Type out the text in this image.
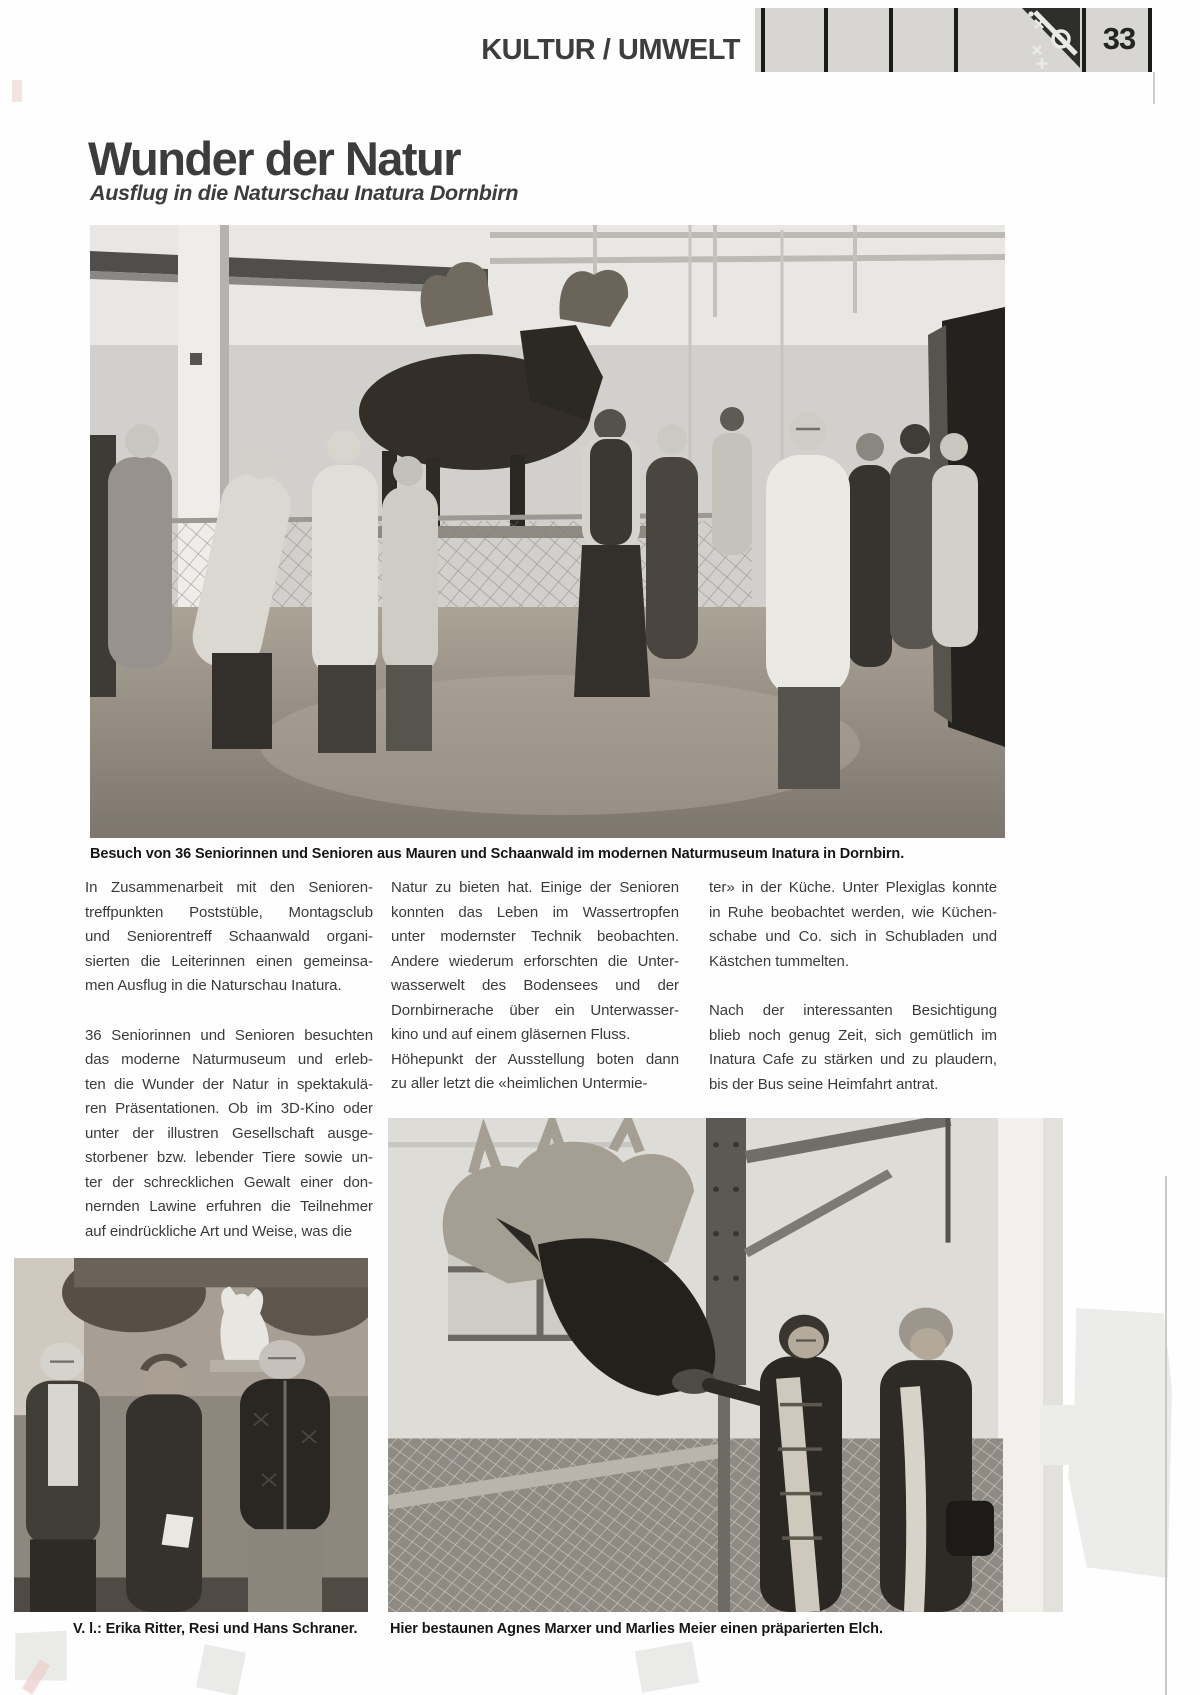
KULTUR / UMWELT	33
Wunder der Natur
Ausflug in die Naturschau Inatura Dornbirn
Besuch von 36 Seniorinnen und Senioren aus Mauren und Schaanwald im modernen Naturmuseum Inatura in Dornbirn.
In Zusammenarbeit mit den Senioren-
treffpunkten Poststüble, Montagsclub
und Seniorentreff Schaanwald organi-
sierten die Leiterinnen einen gemeinsa-
men Ausflug in die Naturschau Inatura.
36 Seniorinnen und Senioren besuchten
das moderne Naturmuseum und erleb-
ten die Wunder der Natur in spektakulä-
ren Präsentationen. Ob im 3D-Kino oder
unter der illustren Gesellschaft ausge-
storbener bzw. lebender Tiere sowie un-
ter der schrecklichen Gewalt einer don-
nernden Lawine erfuhren die Teilnehmer
auf eindrückliche Art und Weise, was die
Natur zu bieten hat. Einige der Senioren
konnten das Leben im Wassertropfen
unter modernster Technik beobachten.
Andere wiederum erforschten die Unter-
wasserwelt des Bodensees und der
Dornbirnerache über ein Unterwasser-
kino und auf einem gläsernen Fluss.
Höhepunkt der Ausstellung boten dann
zu aller letzt die «heimlichen Untermie-
ter» in der Küche. Unter Plexiglas konnte
in Ruhe beobachtet werden, wie Küchen-
schabe und Co. sich in Schubladen und
Kästchen tummelten.
Nach der interessanten Besichtigung
blieb noch genug Zeit, sich gemütlich im
Inatura Cafe zu stärken und zu plaudern,
bis der Bus seine Heimfahrt antrat.
V. l.: Erika Ritter, Resi und Hans Schraner.	Hier bestaunen Agnes Marxer und Marlies Meier einen präparierten Elch.
